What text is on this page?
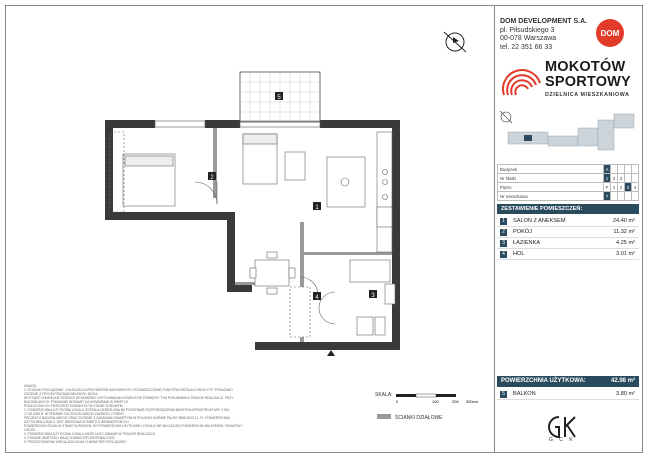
5
2
1
3
4
DOM DEVELOPMENT S.A.
pl. Piłsudskiego 3
00-078 Warszawa
tel. 22 351 66 33
DOM
MOKOTÓW
SPORTOWY
DZIELNICA MIESZKANIOWA
Budynek	A				
Nr klatki	1	2	3		
Piętro	P	1	2	3	4
Nr mieszkania	7				
ZESTAWIENIE POMIESZCZEŃ:
1	SALON Z ANEKSEM	24.40 m²
2	POKÓJ	11.32 m²
3	ŁAZIENKA	4.25 m²
4	HOL	3.01 m²
POWIERZCHNIA UŻYTKOWA:	42.98 m²
5	BALKON	3.80 m²
G C K
UWAGA:
1. RYSUNKI POGLĄDOWE. LOKALIZACJA PRZYBORÓW SANITARNYCH, ROZMIESZCZENIE PUNKTÓW INSTALACYJNYCH ITP. POKAZANO ZGODNIE Z PROJEKTEM BUDOWLANYM. MOGĄ
WYSTĄPIĆ NIEWIELKIE RÓŻNICE WYMIARÓW I USYTUOWANIA ELEMENTÓW POMIĘDZY TYM RYSUNKIEM A TRAKCIE REALIZACJI, PRZY BUDOWLANYCH. POKAZANE WYMIARY SĄ WYMIARAMI W ŚWIETLE
PODŁOGOWYCH PRZEGRÓD ŚCIENNYCH W STANIE SUROWYM.
2. POWIERZCHNIA UŻYTKOWA LOKALU ZOSTAŁA OKREŚLONA NA PODSTAWIE ROZPORZĄDZENIA MINISTRA INFRASTRUKTURY Z DN. 17.08.2006 R. W SPRAWIE SZCZEGÓŁOWEGO ZAKRESU I FORMY
PROJEKTU BUDOWLANEGO ORAZ ZGODNIE Z ZASADAMI ZAWARTYMI W POLSKIEJ NORMIE PN-ISO 9836:2022-11, TJ. POWIERZCHNIA UŻYTKOWA LOKALU JEST MIERZONA W ŚWIETLE WEWNĘTRZNYCH
POWIERZCHNI ŚCIAN W STANIE SUROWYM. DO POWIERZCHNI UŻYTKOWEJ LOKALU NIE WLICZA SIĘ POWIERZCHNI BALKONÓW, TARASÓW I LOGGII.
3. POWIERZCHNIA UŻYTKOWA LOKALU MOŻE ULEC ZMIANIE W TRAKCIE REALIZACJI.
4. PODANE WARTOŚCI MAJĄ CHARAKTER INFORMACYJNY.
5. PRZEDSTAWIONA WIZUALIZACJA MA CHARAKTER POGLĄDOWY.
SKALA:
0	100	200 300cm
ŚCIANKI DZIAŁOWE
